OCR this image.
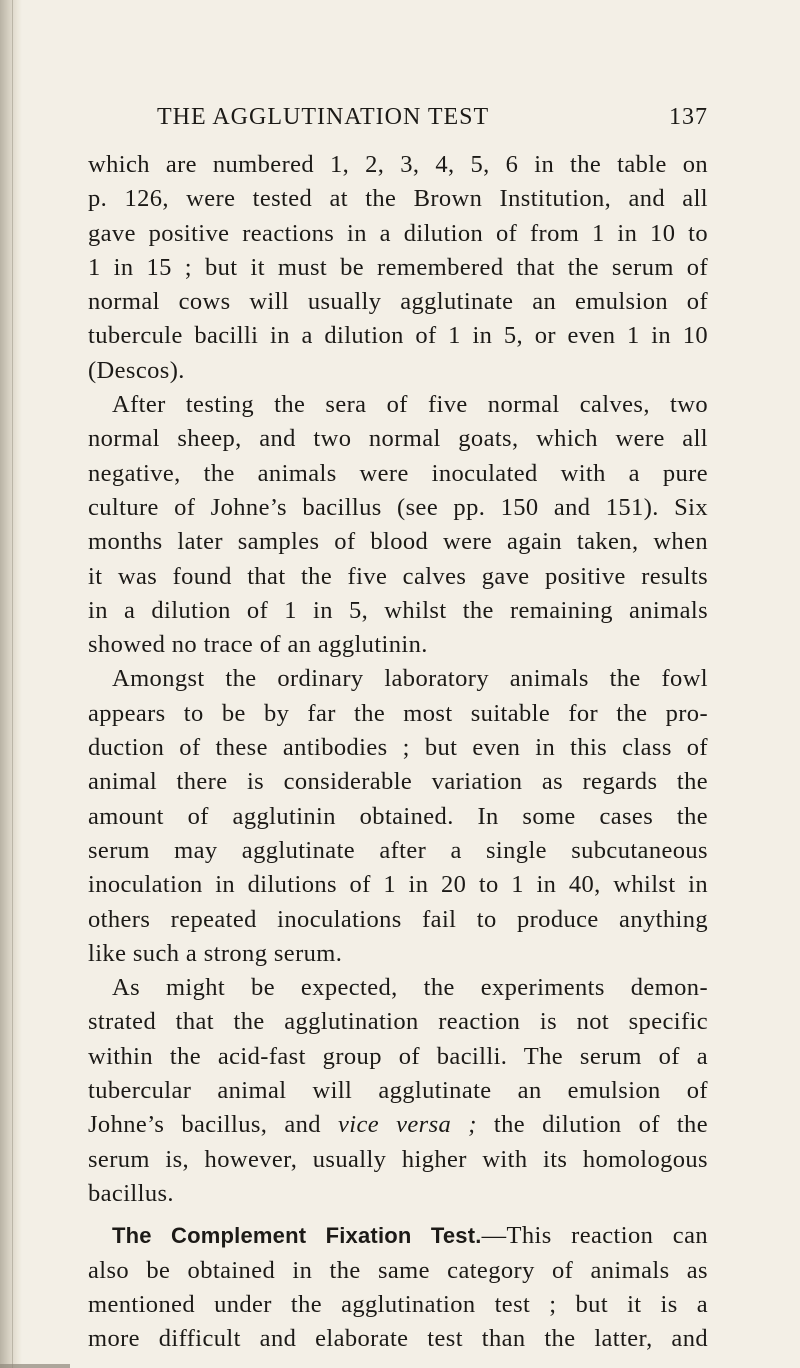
THE AGGLUTINATION TEST	137
which are numbered 1, 2, 3, 4, 5, 6 in the table on
p. 126, were tested at the Brown Institution, and all
gave positive reactions in a dilution of from 1 in 10 to
1 in 15 ; but it must be remembered that the serum of
normal cows will usually agglutinate an emulsion of
tubercule bacilli in a dilution of 1 in 5, or even 1 in 10
(Descos).
After testing the sera of five normal calves, two
normal sheep, and two normal goats, which were all
negative, the animals were inoculated with a pure
culture of Johne’s bacillus (see pp. 150 and 151). Six
months later samples of blood were again taken, when
it was found that the five calves gave positive results
in a dilution of 1 in 5, whilst the remaining animals
showed no trace of an agglutinin.
Amongst the ordinary laboratory animals the fowl
appears to be by far the most suitable for the pro-
duction of these antibodies ; but even in this class of
animal there is considerable variation as regards the
amount of agglutinin obtained. In some cases the
serum may agglutinate after a single subcutaneous
inoculation in dilutions of 1 in 20 to 1 in 40, whilst in
others repeated inoculations fail to produce anything
like such a strong serum.
As might be expected, the experiments demon-
strated that the agglutination reaction is not specific
within the acid-fast group of bacilli. The serum of a
tubercular animal will agglutinate an emulsion of
Johne’s bacillus, and vice versa ; the dilution of the
serum is, however, usually higher with its homologous
bacillus.
The Complement Fixation Test.—This reaction can
also be obtained in the same category of animals as
mentioned under the agglutination test ; but it is a
more difficult and elaborate test than the latter, and
